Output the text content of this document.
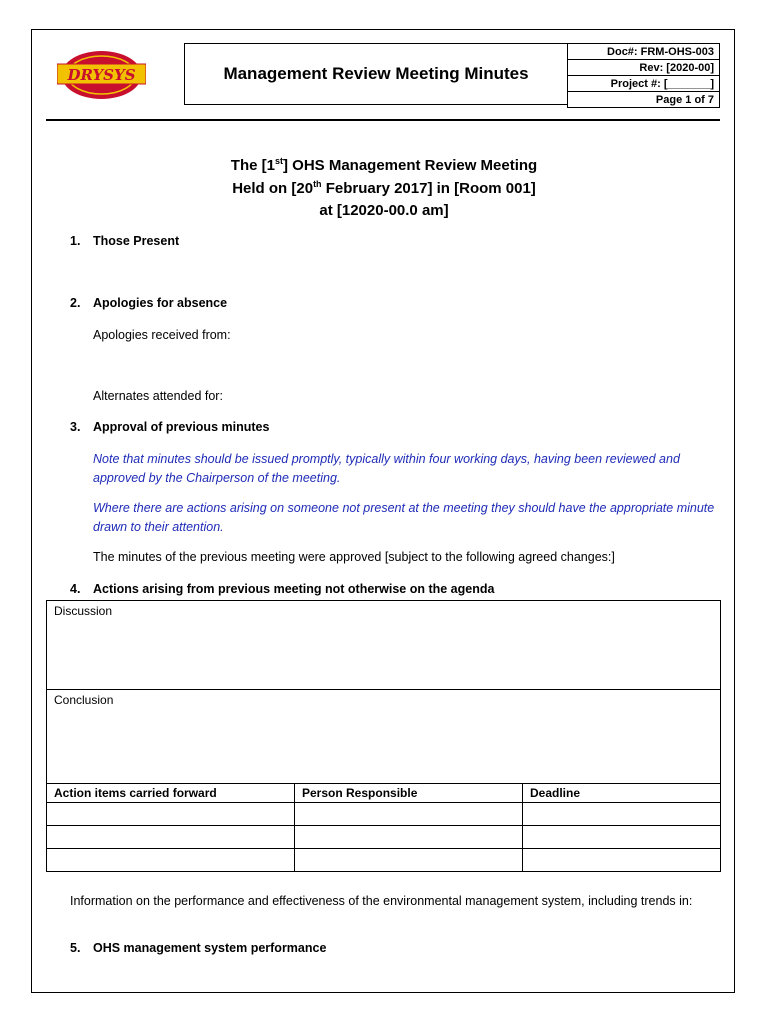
DRYSYS	Management Review Meeting Minutes
Doc#: FRM-OHS-003
Rev: [2020-00]
Project #: [_______]
Page 1 of 7
The [1st] OHS Management Review Meeting
Held on [20th February 2017] in [Room 001]
at [12020-00.0 am]
1. Those Present
2. Apologies for absence
Apologies received from:
Alternates attended for:
3. Approval of previous minutes
Note that minutes should be issued promptly, typically within four working days, having been reviewed and approved by the Chairperson of the meeting.
Where there are actions arising on someone not present at the meeting they should have the appropriate minute drawn to their attention.
The minutes of the previous meeting were approved [subject to the following agreed changes:]
4. Actions arising from previous meeting not otherwise on the agenda
Discussion		
Conclusion		
Action items carried forward	Person Responsible	Deadline

Information on the performance and effectiveness of the environmental management system, including trends in:
5. OHS management system performance
